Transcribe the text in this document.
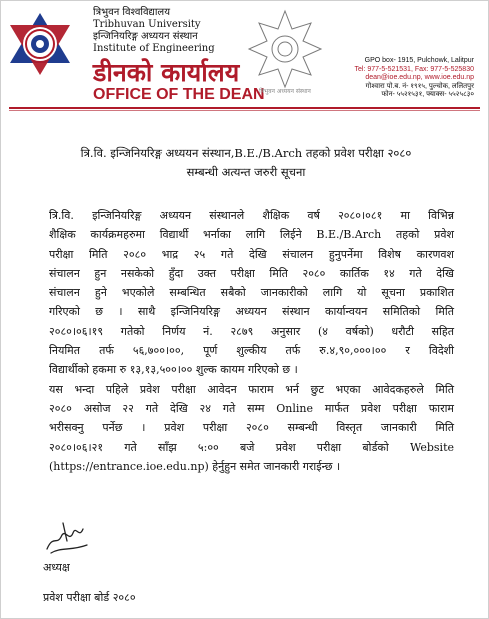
त्रिभुवन विश्वविद्यालय
Tribhuvan University
इन्जिनियरिङ्ग अध्ययन संस्थान
Institute of Engineering
डीनको कार्यालय
OFFICE OF THE DEAN
त्रिभुवन अध्ययन संस्थान
GPO box- 1915, Pulchowk, Lalitpur
Tel: 977-5-521531, Fax: 977-5-525830
dean@ioe.edu.np, www.ioe.edu.np
गोश्वारा पो.ब. नं- १९१५, पुल्चोक, ललितपुर
फोन- ५५२१५३१, फ्याक्स- ५५२५८३०
त्रि.वि. इन्जिनियरिङ्ग अध्ययन संस्थान,B.E./B.Arch तहको प्रवेश परीक्षा २०८०
सम्बन्धी अत्यन्त जरुरी सूचना
त्रि.वि. इन्जिनियरिङ्ग अध्ययन संस्थानले शैक्षिक वर्ष २०८०।०८१ मा विभिन्न
शैक्षिक कार्यक्रमहरुमा विद्यार्थी भर्नाका लागि लिईने B.E./B.Arch तहको प्रवेश
परीक्षा मिति २०८० भाद्र २५ गते देखि संचालन हुनुपर्नेमा विशेष कारणवश
संचालन हुन नसकेको हुँदा उक्त परीक्षा मिति २०८० कार्तिक १४ गते देखि
संचालन हुने भएकोले सम्बन्धित सबैको जानकारीको लागि यो सूचना प्रकाशित
गरिएको छ । साथै इन्जिनियरिङ्ग अध्ययन संस्थान कार्यान्वयन समितिको मिति
२०८०।०६।१९ गतेको निर्णय नं. २८७९ अनुसार (४ वर्षको) धरौटी सहित
नियमित तर्फ ५६,७००।००, पूर्ण शुल्कीय तर्फ रु.४,९०,०००।०० र विदेशी
विद्यार्थीको हकमा रु १३,१३,५००।०० शुल्क कायम गरिएको छ ।
यस भन्दा पहिले प्रवेश परीक्षा आवेदन फाराम भर्न छुट भएका आवेदकहरुले मिति
२०८० असोज २२ गते देखि २४ गते सम्म Online मार्फत प्रवेश परीक्षा फाराम
भरीसक्नु पर्नेछ । प्रवेश परीक्षा २०८० सम्बन्धी विस्तृत जानकारी मिति
२०८०।०६।२१ गते साँझ ५:०० बजे प्रवेश परीक्षा बोर्डको Website
(https://entrance.ioe.edu.np) हेर्नुहुन समेत जानकारी गराईन्छ ।
अध्यक्ष
प्रवेश परीक्षा बोर्ड २०८०
